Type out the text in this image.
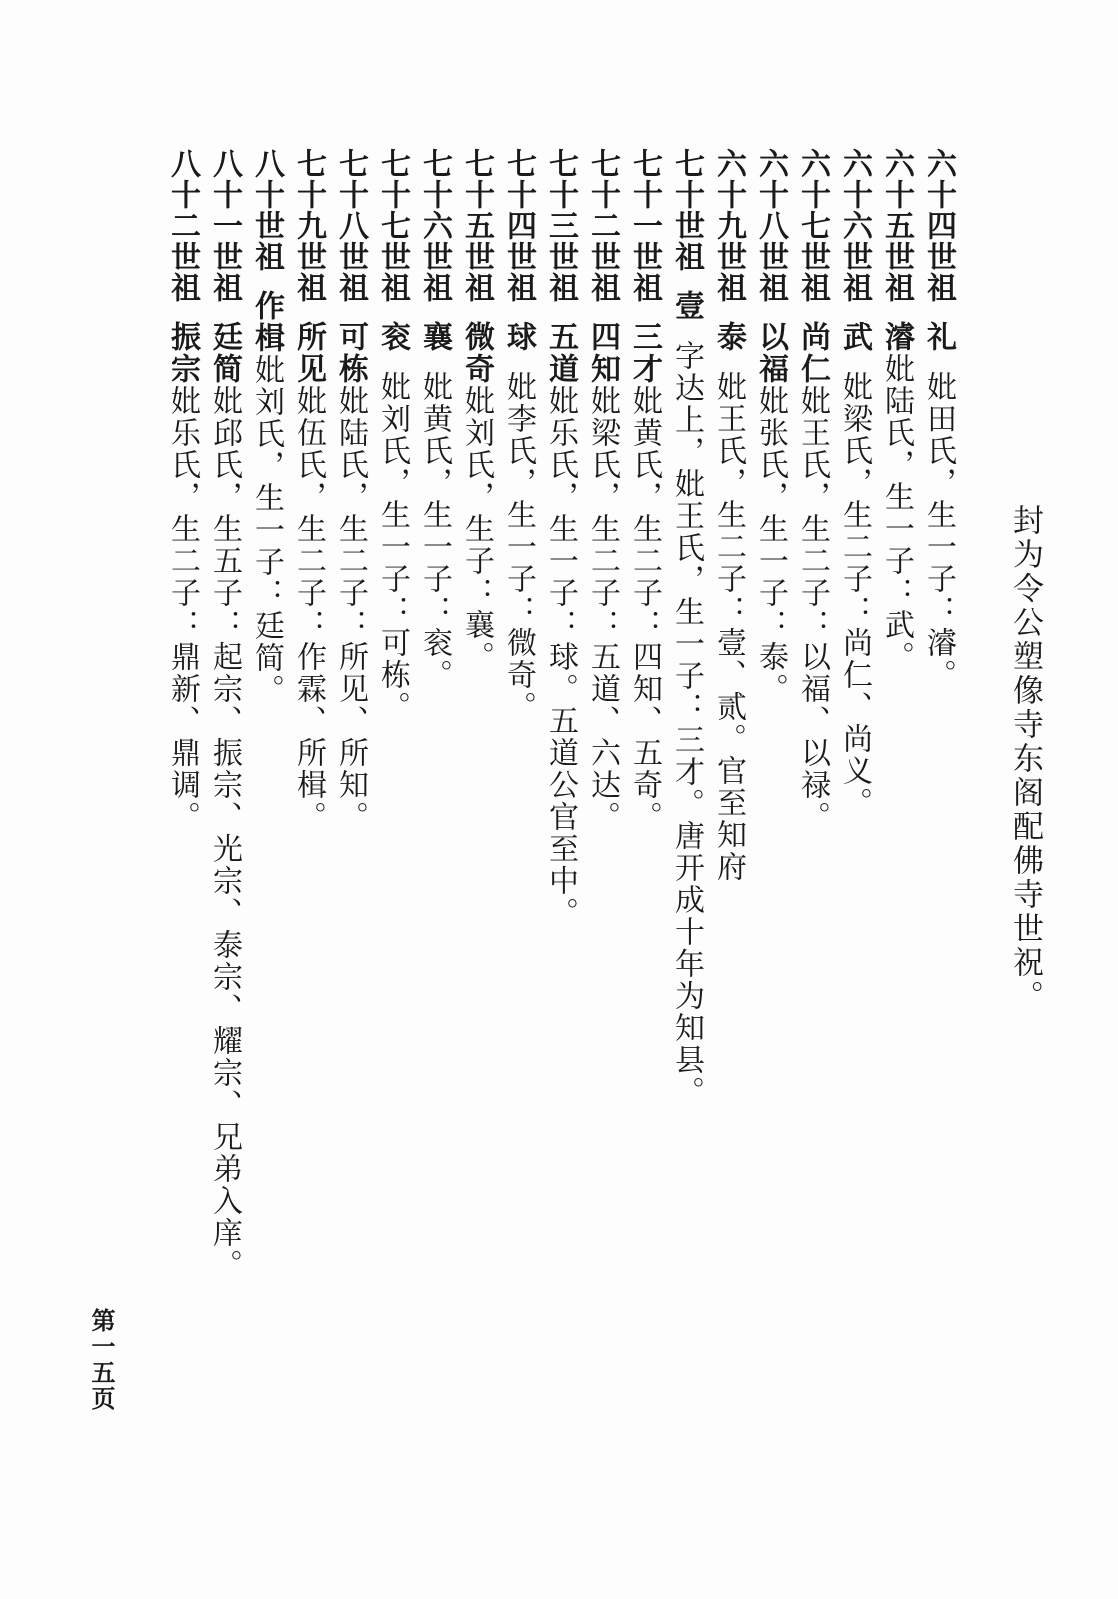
封为令公塑像寺东阁配佛寺世祝。
六十四世祖礼妣田氏，生一子：濬。
六十五世祖濬妣陆氏，生一子：武。
六十六世祖武妣梁氏，生二子：尚仁、尚义。
六十七世祖尚仁妣王氏，生二子：以福、以禄。
六十八世祖以福妣张氏，生一子：泰。
六十九世祖泰妣王氏，生二子：壹、贰。官至知府
七十世祖壹字达上，妣王氏，生一子：三才。唐开成十年为知县。
七十一世祖三才妣黄氏，生二子：四知、五奇。
七十二世祖四知妣梁氏，生二子：五道、六达。
七十三世祖五道妣乐氏，生一子：球。五道公官至中。
七十四世祖球妣李氏，生一子：微奇。
七十五世祖微奇妣刘氏，生子：襄。
七十六世祖襄妣黄氏，生一子：衮。
七十七世祖衮妣刘氏，生一子：可栋。
七十八世祖可栋妣陆氏，生二子：所见、所知。
七十九世祖所见妣伍氏，生二子：作霖、所楫。
八十世祖作楫妣刘氏，生一子：廷简。
八十一世祖廷简妣邱氏，生五子：起宗、振宗、光宗、泰宗、耀宗、兄弟入庠。
八十二世祖振宗妣乐氏，生二子：鼎新、鼎调。
第一五页
